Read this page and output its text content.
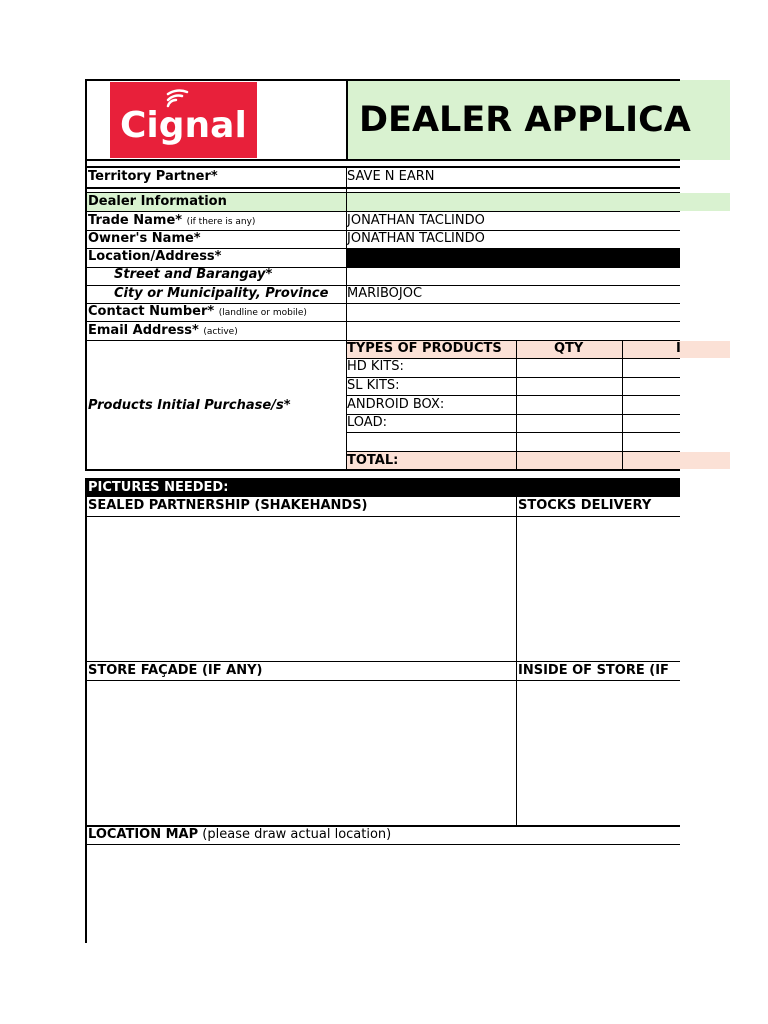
Cignal	DEALER APPLICA
Territory Partner*	SAVE N EARN
Dealer Information
Trade Name* (if there is any)	JONATHAN TACLINDO
Owner's Name*	JONATHAN TACLINDO
Location/Address*
Street and Barangay*
City or Municipality, Province MARIBOJOC
Contact Number* (landline or mobile)
Email Address* (active)
Products Initial Purchase/s*
TYPES OF PRODUCTS	QTY	I
HD KITS:
SL KITS:
ANDROID BOX:
LOAD:
TOTAL:
PICTURES NEEDED:
SEALED PARTNERSHIP (SHAKEHANDS)	STOCKS DELIVERY
STORE FAÇADE (IF ANY)	INSIDE OF STORE (IF
LOCATION MAP (please draw actual location)
